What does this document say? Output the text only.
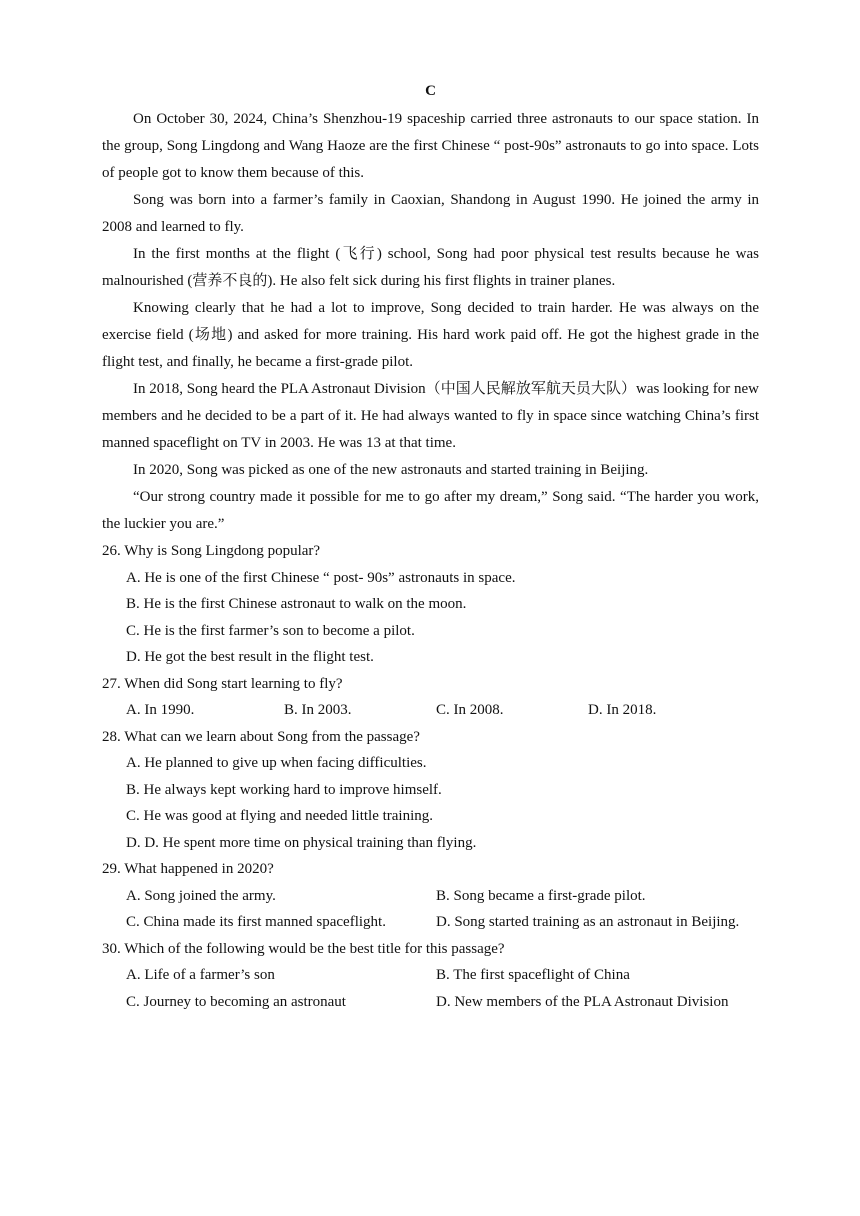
C

On October 30, 2024, China’s Shenzhou-19 spaceship carried three astronauts to our space station. In the group, Song Lingdong and Wang Haoze are the first Chinese “ post-90s” astronauts to go into space. Lots of people got to know them because of this.

Song was born into a farmer’s family in Caoxian, Shandong in August 1990. He joined the army in 2008 and learned to fly.

In the first months at the flight (飞行) school, Song had poor physical test results because he was malnourished (营养不良的). He also felt sick during his first flights in trainer planes.

Knowing clearly that he had a lot to improve, Song decided to train harder. He was always on the exercise field (场地) and asked for more training. His hard work paid off. He got the highest grade in the flight test, and finally, he became a first-grade pilot.

In 2018, Song heard the PLA Astronaut Division（中国人民解放军航天员大队）was looking for new members and he decided to be a part of it. He had always wanted to fly in space since watching China’s first manned spaceflight on TV in 2003. He was 13 at that time.

In 2020, Song was picked as one of the new astronauts and started training in Beijing.

“Our strong country made it possible for me to go after my dream,” Song said. “The harder you work, the luckier you are.”

26. Why is Song Lingdong popular?

A. He is one of the first Chinese “ post- 90s” astronauts in space.

B. He is the first Chinese astronaut to walk on the moon.

C. He is the first farmer’s son to become a pilot.

D. He got the best result in the flight test.

27. When did Song start learning to fly?

A. In 1990.	B. In 2003.	C. In 2008.	D. In 2018.

28. What can we learn about Song from the passage?

A. He planned to give up when facing difficulties.

B. He always kept working hard to improve himself.

C. He was good at flying and needed little training.

D. D. He spent more time on physical training than flying.

29. What happened in 2020?

A. Song joined the army.	B. Song became a first-grade pilot.
C. China made its first manned spaceflight.	D. Song started training as an astronaut in Beijing.

30. Which of the following would be the best title for this passage?

A. Life of a farmer’s son	B. The first spaceflight of China
C. Journey to becoming an astronaut	D. New members of the PLA Astronaut Division
